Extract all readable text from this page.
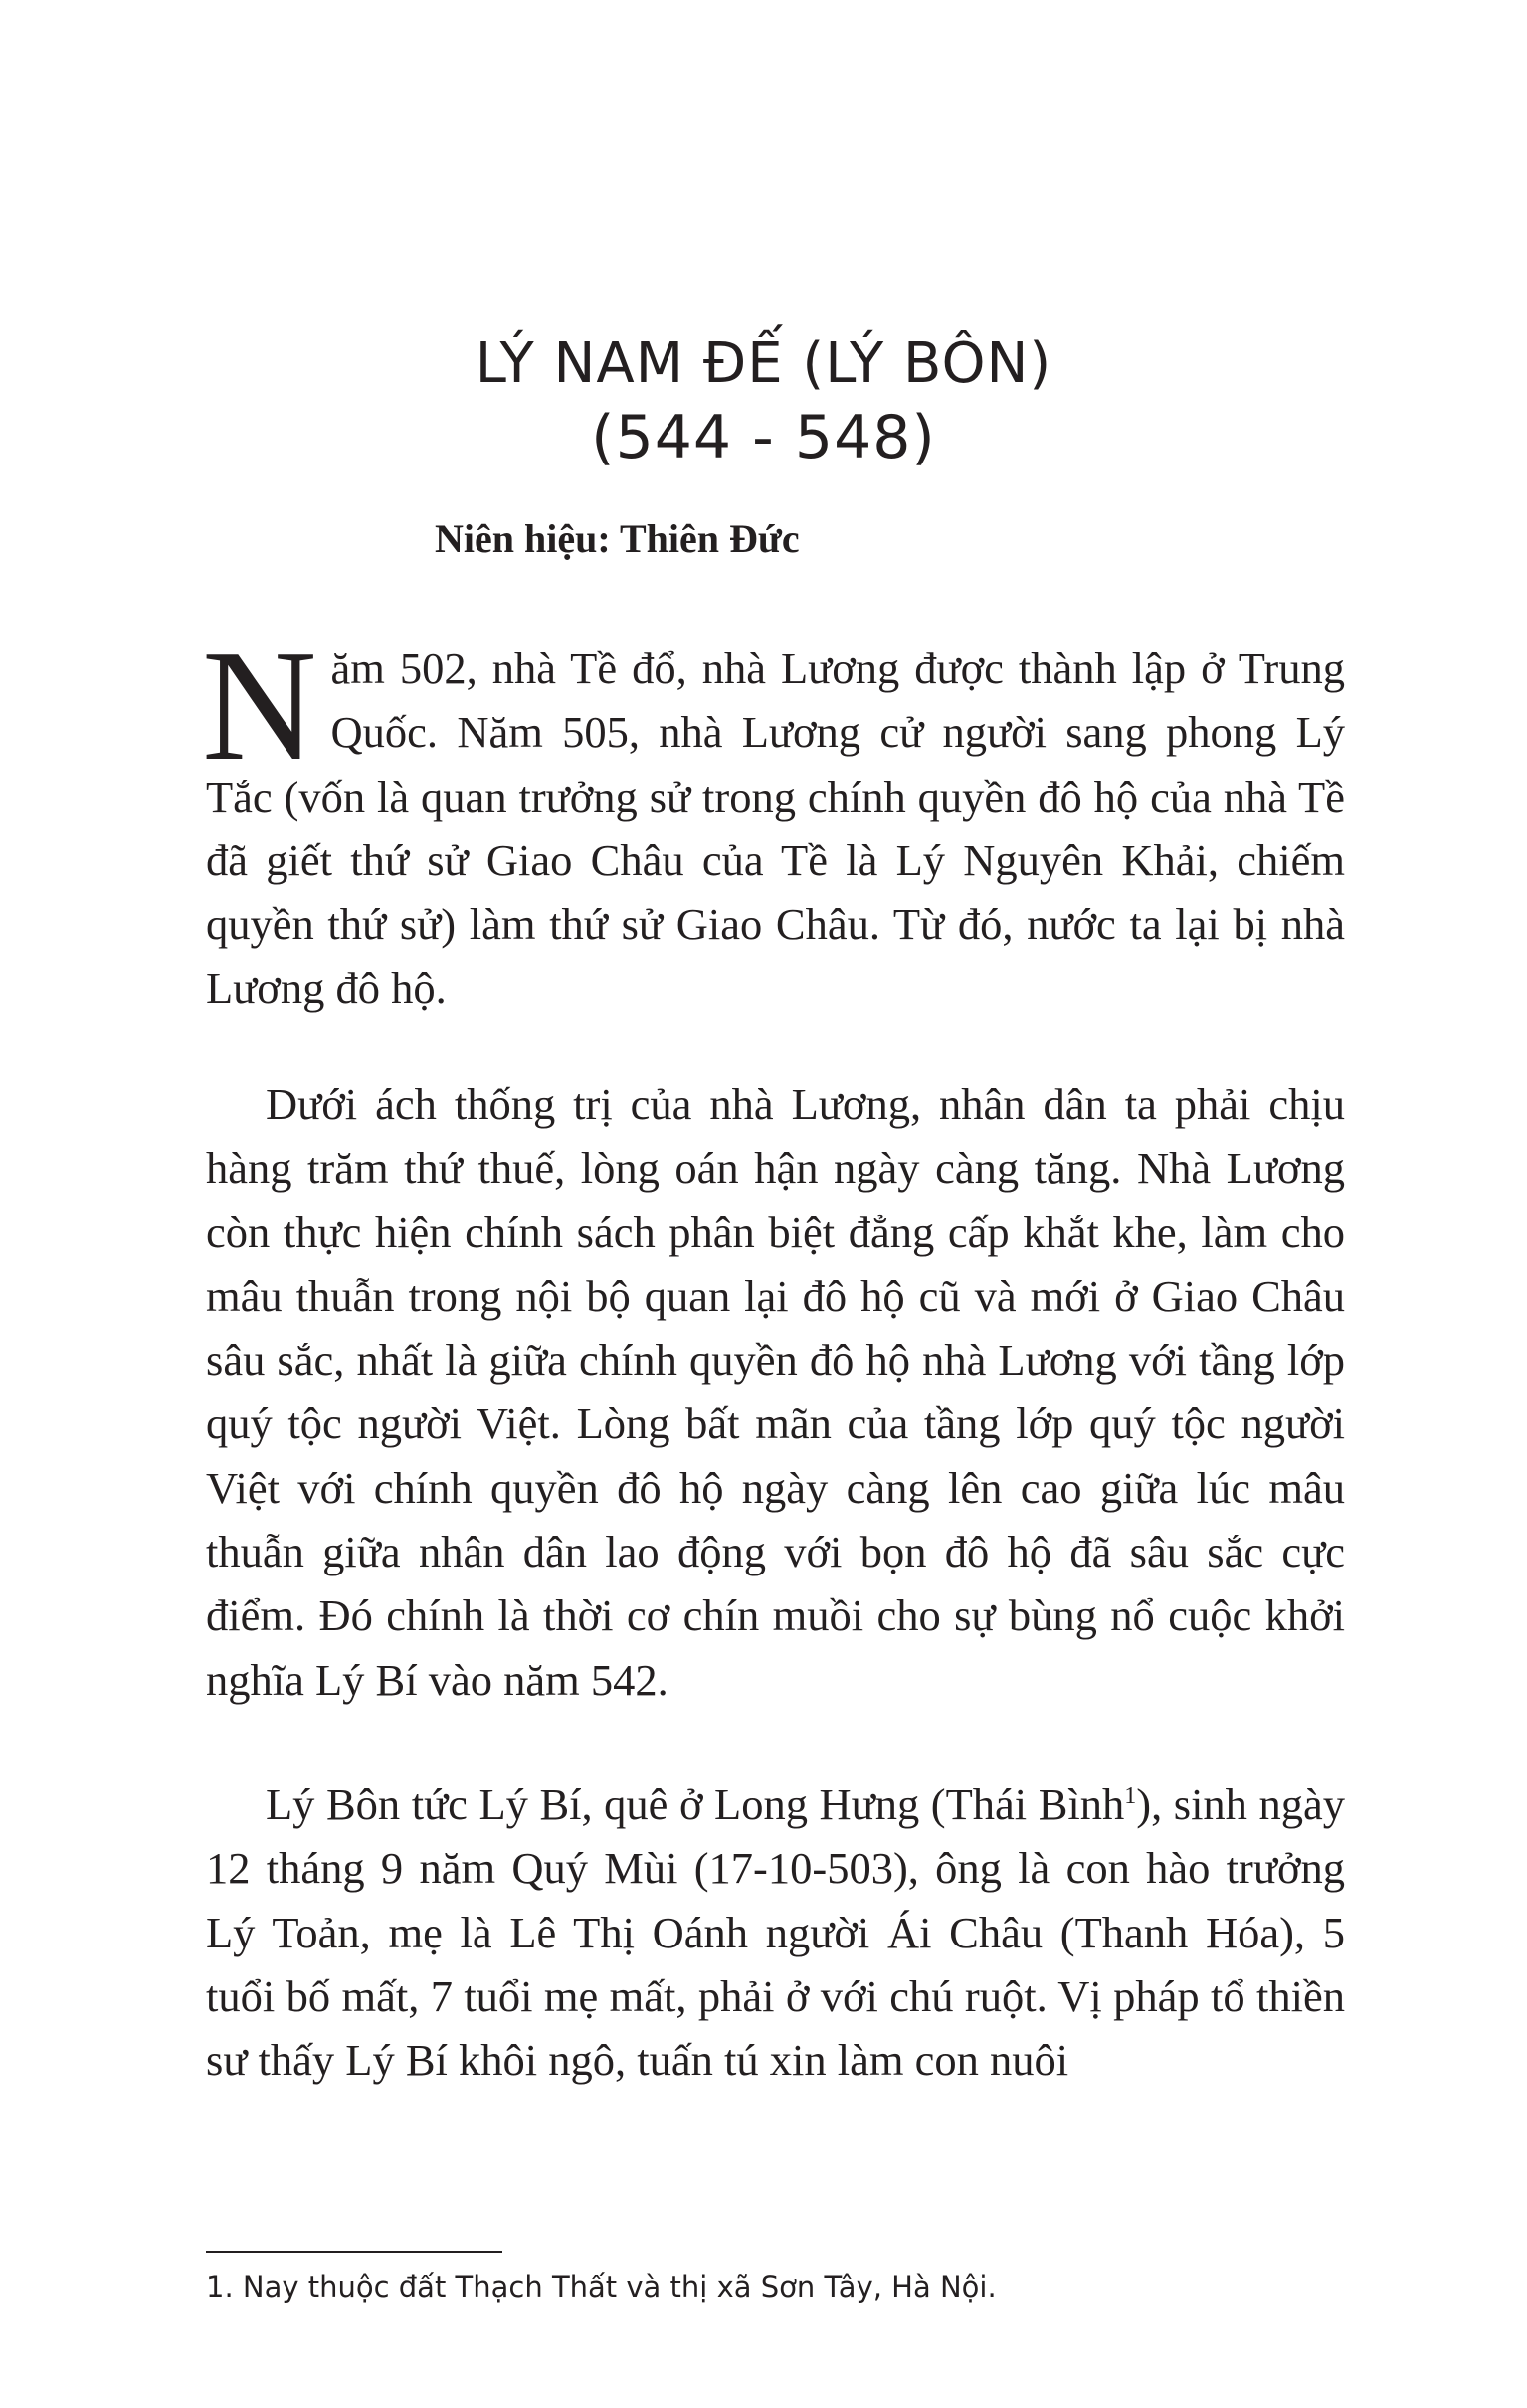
LÝ NAM ĐẾ (LÝ BÔN)
(544 - 548)
Niên hiệu: Thiên Đức

Năm 502, nhà Tề đổ, nhà Lương được thành lập ở Trung Quốc. Năm 505, nhà Lương cử người sang phong Lý Tắc (vốn là quan trưởng sử trong chính quyền đô hộ của nhà Tề đã giết thứ sử Giao Châu của Tề là Lý Nguyên Khải, chiếm quyền thứ sử) làm thứ sử Giao Châu. Từ đó, nước ta lại bị nhà Lương đô hộ.

Dưới ách thống trị của nhà Lương, nhân dân ta phải chịu hàng trăm thứ thuế, lòng oán hận ngày càng tăng. Nhà Lương còn thực hiện chính sách phân biệt đẳng cấp khắt khe, làm cho mâu thuẫn trong nội bộ quan lại đô hộ cũ và mới ở Giao Châu sâu sắc, nhất là giữa chính quyền đô hộ nhà Lương với tầng lớp quý tộc người Việt. Lòng bất mãn của tầng lớp quý tộc người Việt với chính quyền đô hộ ngày càng lên cao giữa lúc mâu thuẫn giữa nhân dân lao động với bọn đô hộ đã sâu sắc cực điểm. Đó chính là thời cơ chín muồi cho sự bùng nổ cuộc khởi nghĩa Lý Bí vào năm 542.

Lý Bôn tức Lý Bí, quê ở Long Hưng (Thái Bình$^1$), sinh ngày 12 tháng 9 năm Quý Mùi (17-10-503), ông là con hào trưởng Lý Toản, mẹ là Lê Thị Oánh người Ái Châu (Thanh Hóa), 5 tuổi bố mất, 7 tuổi mẹ mất, phải ở với chú ruột. Vị pháp tổ thiền sư thấy Lý Bí khôi ngô, tuấn tú xin làm con nuôi

1. Nay thuộc đất Thạch Thất và thị xã Sơn Tây, Hà Nội.
